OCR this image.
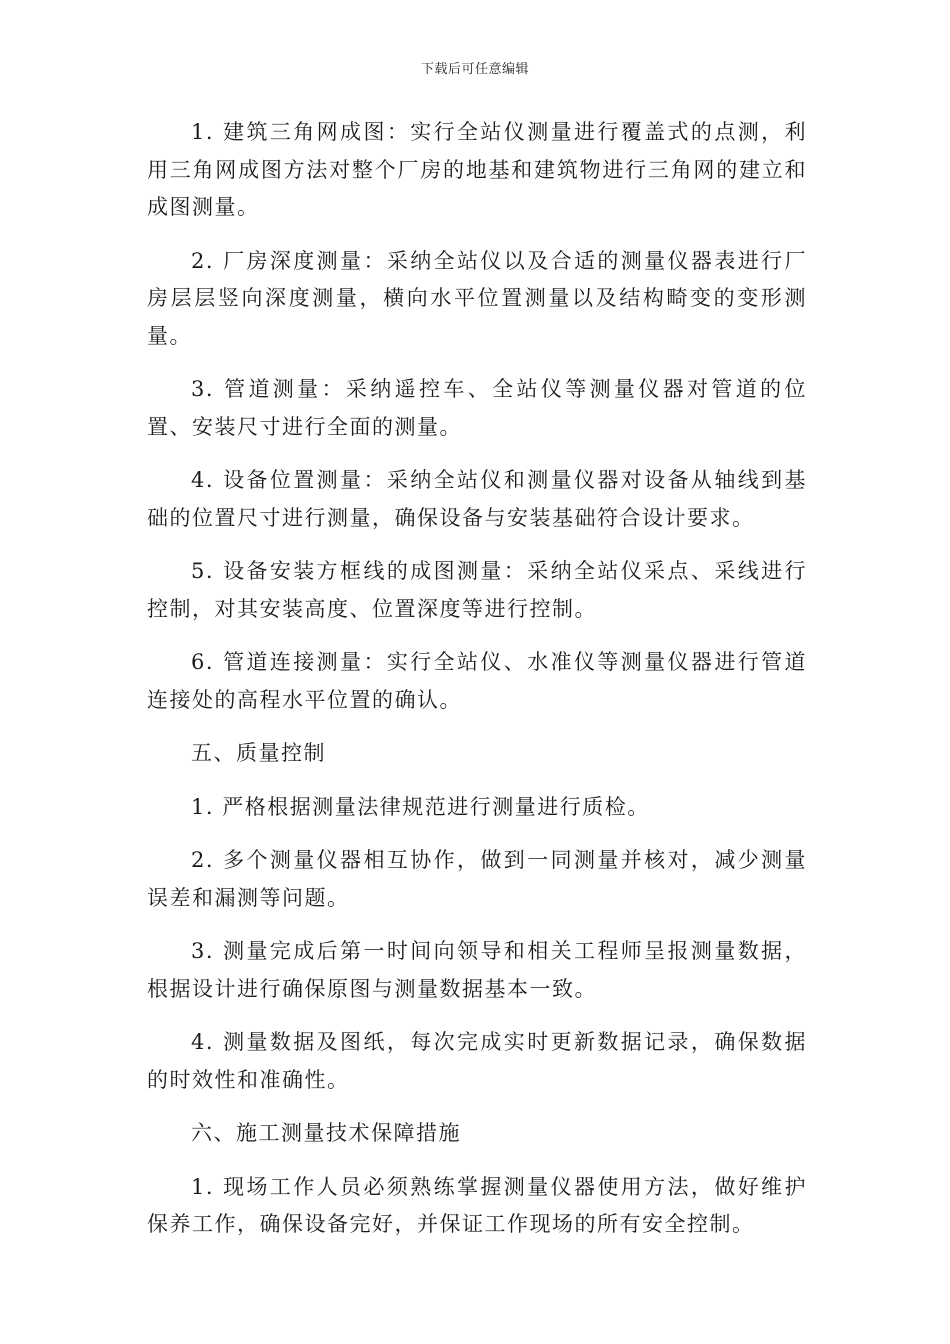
下载后可任意编辑

1. 建筑三角网成图：实行全站仪测量进行覆盖式的点测，利用三角网成图方法对整个厂房的地基和建筑物进行三角网的建立和成图测量。

2. 厂房深度测量：采纳全站仪以及合适的测量仪器表进行厂房层层竖向深度测量，横向水平位置测量以及结构畸变的变形测量。

3. 管道测量：采纳遥控车、全站仪等测量仪器对管道的位置、安装尺寸进行全面的测量。

4. 设备位置测量：采纳全站仪和测量仪器对设备从轴线到基础的位置尺寸进行测量，确保设备与安装基础符合设计要求。

5. 设备安装方框线的成图测量：采纳全站仪采点、采线进行控制，对其安装高度、位置深度等进行控制。

6. 管道连接测量：实行全站仪、水准仪等测量仪器进行管道连接处的高程水平位置的确认。

五、质量控制

1. 严格根据测量法律规范进行测量进行质检。

2. 多个测量仪器相互协作，做到一同测量并核对，减少测量误差和漏测等问题。

3. 测量完成后第一时间向领导和相关工程师呈报测量数据，根据设计进行确保原图与测量数据基本一致。

4. 测量数据及图纸，每次完成实时更新数据记录，确保数据的时效性和准确性。

六、施工测量技术保障措施

1. 现场工作人员必须熟练掌握测量仪器使用方法，做好维护保养工作，确保设备完好，并保证工作现场的所有安全控制。
